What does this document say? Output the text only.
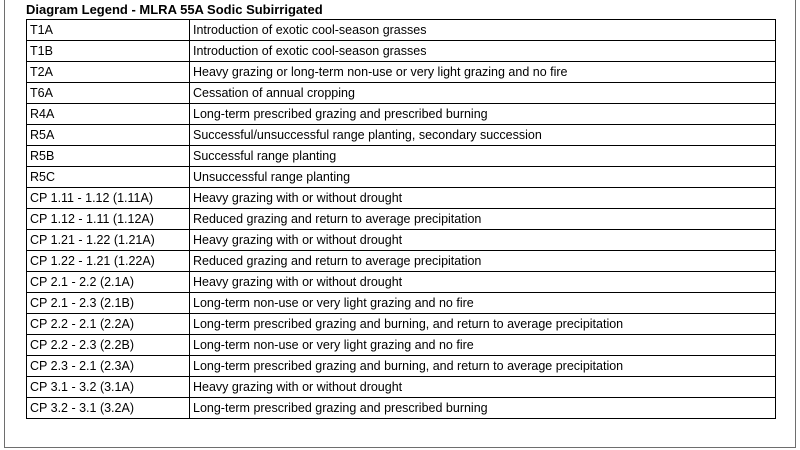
Diagram Legend - MLRA 55A Sodic Subirrigated
T1A	Introduction of exotic cool-season grasses
T1B	Introduction of exotic cool-season grasses
T2A	Heavy grazing or long-term non-use or very light grazing and no fire
T6A	Cessation of annual cropping
R4A	Long-term prescribed grazing and prescribed burning
R5A	Successful/unsuccessful range planting, secondary succession
R5B	Successful range planting
R5C	Unsuccessful range planting
CP 1.11 - 1.12 (1.11A)	Heavy grazing with or without drought
CP 1.12 - 1.11 (1.12A)	Reduced grazing and return to average precipitation
CP 1.21 - 1.22 (1.21A)	Heavy grazing with or without drought
CP 1.22 - 1.21 (1.22A)	Reduced grazing and return to average precipitation
CP 2.1 - 2.2 (2.1A)	Heavy grazing with or without drought
CP 2.1 - 2.3 (2.1B)	Long-term non-use or very light grazing and no fire
CP 2.2 - 2.1 (2.2A)	Long-term prescribed grazing and burning, and return to average precipitation
CP 2.2 - 2.3 (2.2B)	Long-term non-use or very light grazing and no fire
CP 2.3 - 2.1 (2.3A)	Long-term prescribed grazing and burning, and return to average precipitation
CP 3.1 - 3.2 (3.1A)	Heavy grazing with or without drought
CP 3.2 - 3.1 (3.2A)	Long-term prescribed grazing and prescribed burning
